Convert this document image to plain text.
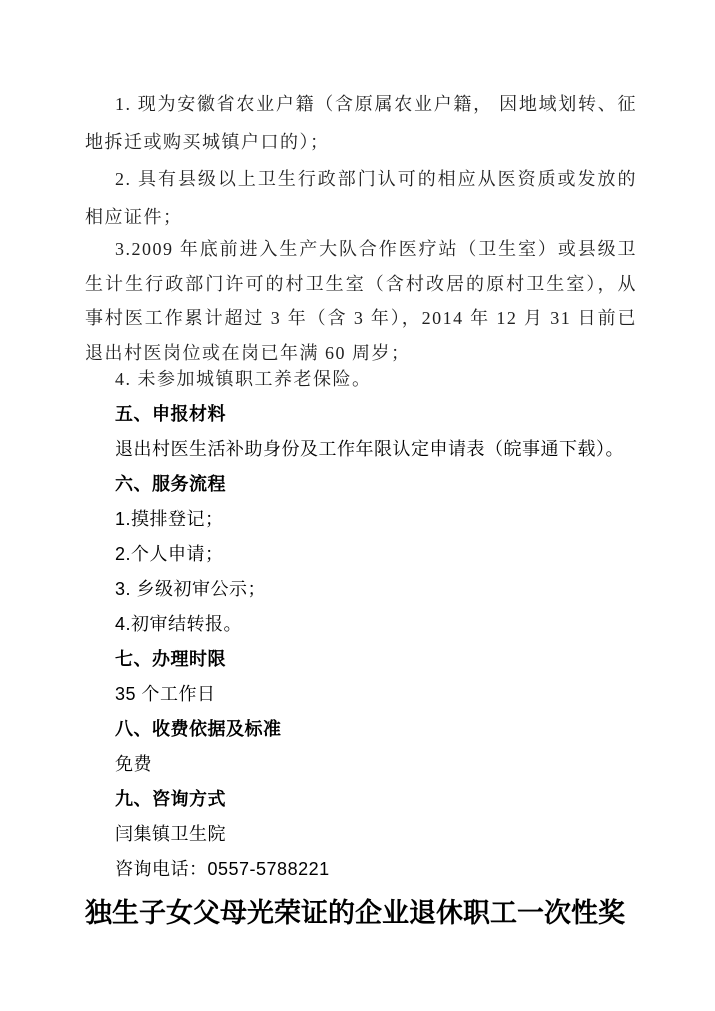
1. 现为安徽省农业户籍（含原属农业户籍， 因地域划转、征地拆迁或购买城镇户口的）；

2. 具有县级以上卫生行政部门认可的相应从医资质或发放的相应证件；

3.2009 年底前进入生产大队合作医疗站（卫生室）或县级卫生计生行政部门许可的村卫生室（含村改居的原村卫生室），从事村医工作累计超过 3 年（含 3 年），2014 年 12 月 31 日前已退出村医岗位或在岗已年满 60 周岁；

4. 未参加城镇职工养老保险。

五、申报材料

退出村医生活补助身份及工作年限认定申请表（皖事通下载）。

六、服务流程

1.摸排登记；

2.个人申请；

3. 乡级初审公示；

4.初审结转报。

七、办理时限

35 个工作日

八、收费依据及标准

免费

九、咨询方式

闫集镇卫生院

咨询电话：0557-5788221

独生子女父母光荣证的企业退休职工一次性奖
